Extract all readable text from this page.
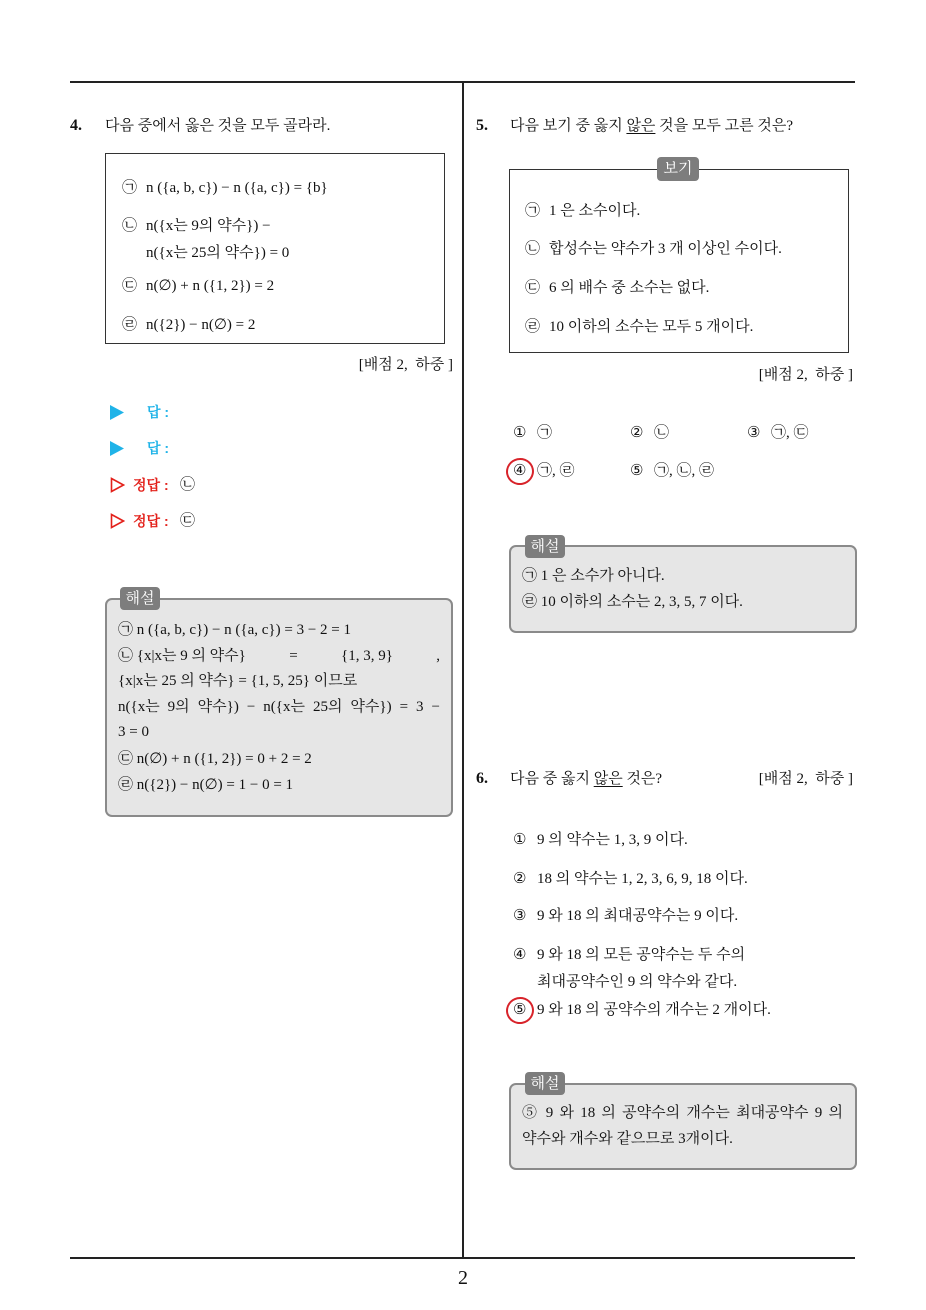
2
4. 다음 중에서 옳은 것을 모두 골라라.
㉠ n ({a, b, c}) − n ({a, c}) = {b}
㉡ n({x는 9의 약수}) −
n({x는 25의 약수}) = 0
㉢ n(∅) + n ({1, 2}) = 2
㉣ n({2}) − n(∅) = 2
[배점 2,  하중 ]
답 :
답 :
정답 : ㉡
정답 : ㉢
해설
㉠ n ({a, b, c}) − n ({a, c}) = 3 − 2 = 1
㉡ {x|x는 9 의 약수}	=	{1, 3, 9}	,
{x|x는 25 의 약수} = {1, 5, 25} 이므로
n({x는 9의 약수}) − n({x는 25의 약수}) = 3 −
3 = 0
㉢ n(∅) + n ({1, 2}) = 0 + 2 = 2
㉣ n({2}) − n(∅) = 1 − 0 = 1
5. 다음 보기 중 옳지 않은 것을 모두 고른 것은?
보기
㉠ 1 은 소수이다.
㉡ 합성수는 약수가 3 개 이상인 수이다.
㉢ 6 의 배수 중 소수는 없다.
㉣ 10 이하의 소수는 모두 5 개이다.
[배점 2,  하중 ]
① ㉠	② ㉡	③ ㉠, ㉢
④ ㉠, ㉣	⑤ ㉠, ㉡, ㉣
해설
㉠ 1 은 소수가 아니다.
㉣ 10 이하의 소수는 2, 3, 5, 7 이다.
6. 다음 중 옳지 않은 것은?	[배점 2,  하중 ]
① 9 의 약수는 1, 3, 9 이다.
② 18 의 약수는 1, 2, 3, 6, 9, 18 이다.
③ 9 와 18 의 최대공약수는 9 이다.
④ 9 와 18 의 모든 공약수는 두 수의
최대공약수인 9 의 약수와 같다.
⑤ 9 와 18 의 공약수의 개수는 2 개이다.
해설
⑤ 9 와 18 의 공약수의 개수는 최대공약수 9 의
약수와 개수와 같으므로 3개이다.
